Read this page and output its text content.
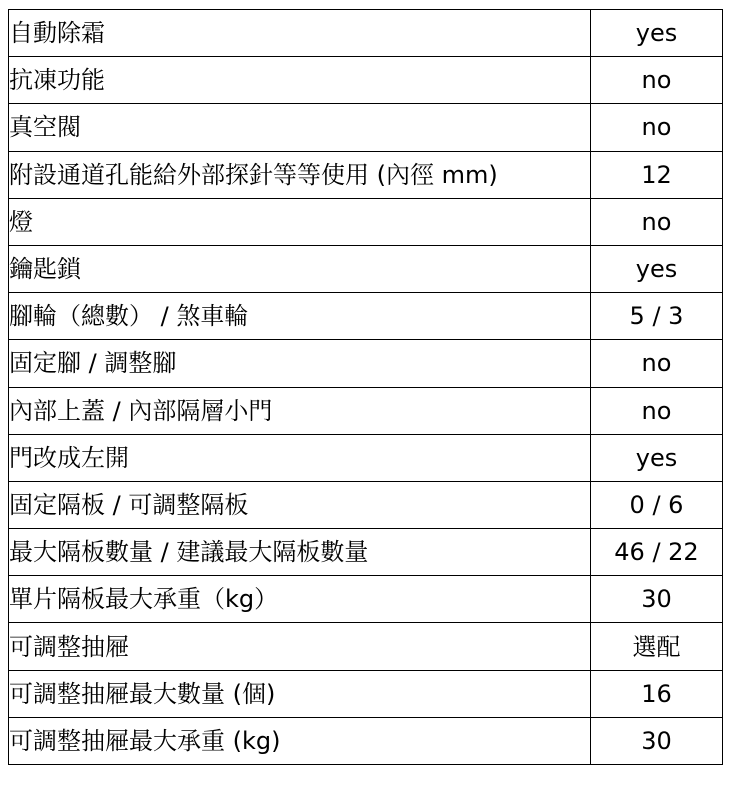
自動除霜	yes
抗凍功能	no
真空閥	no
附設通道孔能給外部探針等等使用 (內徑 mm)	12
燈	no
鑰匙鎖	yes
腳輪（總數） / 煞車輪	5 / 3
固定腳 / 調整腳	no
內部上蓋 / 內部隔層小門	no
門改成左開	yes
固定隔板 / 可調整隔板	0 / 6
最大隔板數量 / 建議最大隔板數量	46 / 22
單片隔板最大承重（kg）	30
可調整抽屜	選配
可調整抽屜最大數量 (個)	16
可調整抽屜最大承重 (kg)	30
